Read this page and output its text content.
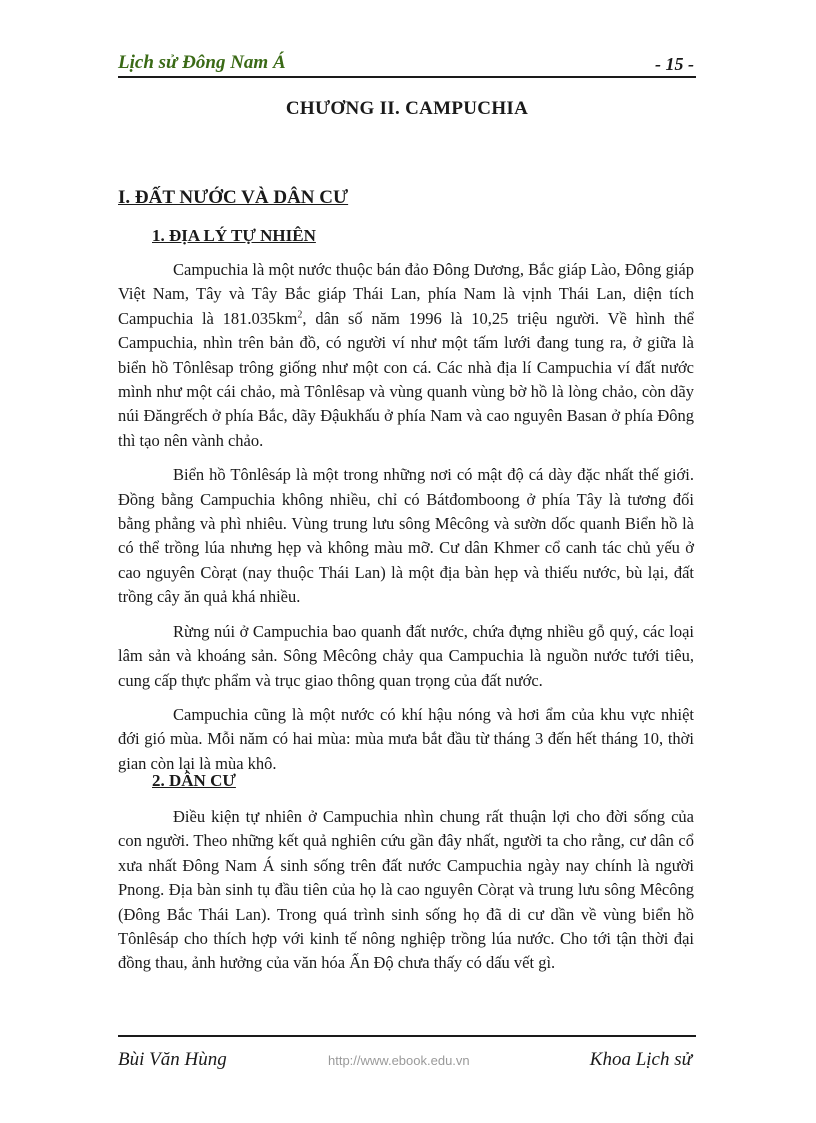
Lịch sử Đông Nam Á	- 15 -
CHƯƠNG II. CAMPUCHIA
I. ĐẤT NƯỚC VÀ DÂN CƯ
1. ĐỊA LÝ TỰ NHIÊN

Campuchia là một nước thuộc bán đảo Đông Dương, Bắc giáp Lào, Đông giáp Việt Nam, Tây và Tây Bắc giáp Thái Lan, phía Nam là vịnh Thái Lan, diện tích Campuchia là $181.035km^2$, dân số năm 1996 là 10,25 triệu người. Về hình thể Campuchia, nhìn trên bản đồ, có người ví như một tấm lưới đang tung ra, ở giữa là biển hồ Tônlêsap trông giống như một con cá. Các nhà địa lí Campuchia ví đất nước mình như một cái chảo, mà Tônlêsap và vùng quanh vùng bờ hồ là lòng chảo, còn dãy núi Đăngrếch ở phía Bắc, dãy Đậukhấu ở phía Nam và cao nguyên Basan ở phía Đông thì tạo nên vành chảo.

Biển hồ Tônlêsáp là một trong những nơi có mật độ cá dày đặc nhất thế giới. Đồng bằng Campuchia không nhiều, chỉ có Bátđomboong ở phía Tây là tương đối bằng phẳng và phì nhiêu. Vùng trung lưu sông Mêcông và sườn dốc quanh Biển hồ là có thể trồng lúa nhưng hẹp và không màu mỡ. Cư dân Khmer cổ canh tác chủ yếu ở cao nguyên Còrạt (nay thuộc Thái Lan) là một địa bàn hẹp và thiếu nước, bù lại, đất trồng cây ăn quả khá nhiều.

Rừng núi ở Campuchia bao quanh đất nước, chứa đựng nhiều gỗ quý, các loại lâm sản và khoáng sản. Sông Mêcông chảy qua Campuchia là nguồn nước tưới tiêu, cung cấp thực phẩm và trục giao thông quan trọng của đất nước.

Campuchia cũng là một nước có khí hậu nóng và hơi ẩm của khu vực nhiệt đới gió mùa. Mỗi năm có hai mùa: mùa mưa bắt đầu từ tháng 3 đến hết tháng 10, thời gian còn lại là mùa khô.

2. DÂN CƯ

Điều kiện tự nhiên ở Campuchia nhìn chung rất thuận lợi cho đời sống của con người. Theo những kết quả nghiên cứu gần đây nhất, người ta cho rằng, cư dân cổ xưa nhất Đông Nam Á sinh sống trên đất nước Campuchia ngày nay chính là người Pnong. Địa bàn sinh tụ đầu tiên của họ là cao nguyên Còrạt và trung lưu sông Mêcông (Đông Bắc Thái Lan). Trong quá trình sinh sống họ đã di cư dần về vùng biển hồ Tônlêsáp cho thích hợp với kinh tế nông nghiệp trồng lúa nước. Cho tới tận thời đại đồng thau, ảnh hưởng của văn hóa Ấn Độ chưa thấy có dấu vết gì.

Bùi Văn Hùng	http://www.ebook.edu.vn	Khoa Lịch sử
